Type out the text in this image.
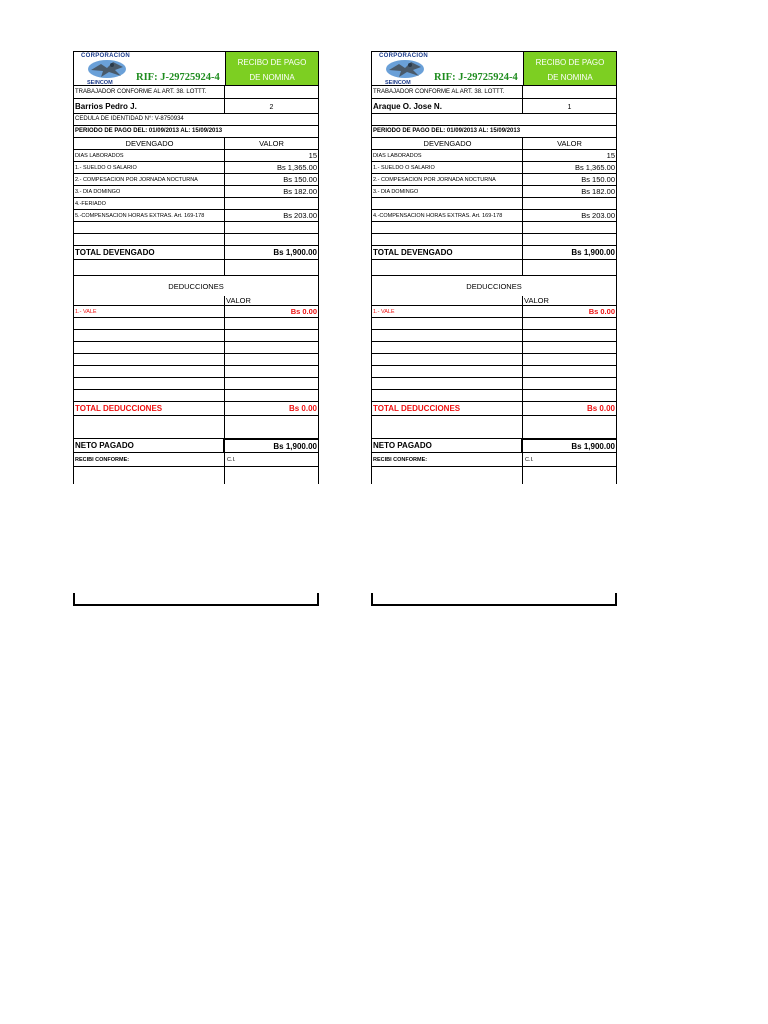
CORPORACIÓN
SEINCOM RIF: J-29725924-4
RECIBO DE PAGO
DE NOMINA
TRABAJADOR CONFORME AL ART. 38. LOTTT.
Barrios Pedro J.	2
CEDULA DE IDENTIDAD N°: V-8750934
PERIODO DE PAGO DEL: 01/09/2013 AL: 15/09/2013
DEVENGADO	VALOR
DIAS LABORADOS	15
1.- SUELDO O SALARIO	Bs 1,365.00
2.- COMPESACION POR JORNADA NOCTURNA	Bs 150.00
3.- DIA DOMINGO	Bs 182.00
4.-FERIADO
5.-COMPENSACION HORAS EXTRAS. Art. 169-178	Bs 203.00
TOTAL DEVENGADO	Bs 1,900.00
DEDUCCIONES
VALOR
1.- VALE	Bs 0.00
TOTAL DEDUCCIONES	Bs 0.00
NETO PAGADO	Bs 1,900.00
RECIBI CONFORME:	C.I.
CORPORACIÓN
SEINCOM RIF: J-29725924-4
RECIBO DE PAGO
DE NOMINA
TRABAJADOR CONFORME AL ART. 38. LOTTT.
Araque O. Jose N.	1
PERIODO DE PAGO DEL: 01/09/2013 AL: 15/09/2013
DEVENGADO	VALOR
DIAS LABORADOS	15
1.- SUELDO O SALARIO	Bs 1,365.00
2.- COMPESACION POR JORNADA NOCTURNA	Bs 150.00
3.- DIA DOMINGO	Bs 182.00
4.-COMPENSACION HORAS EXTRAS. Art. 169-178	Bs 203.00
TOTAL DEVENGADO	Bs 1,900.00
DEDUCCIONES
VALOR
1.- VALE	Bs 0.00
TOTAL DEDUCCIONES	Bs 0.00
NETO PAGADO	Bs 1,900.00
RECIBI CONFORME:	C.I.
